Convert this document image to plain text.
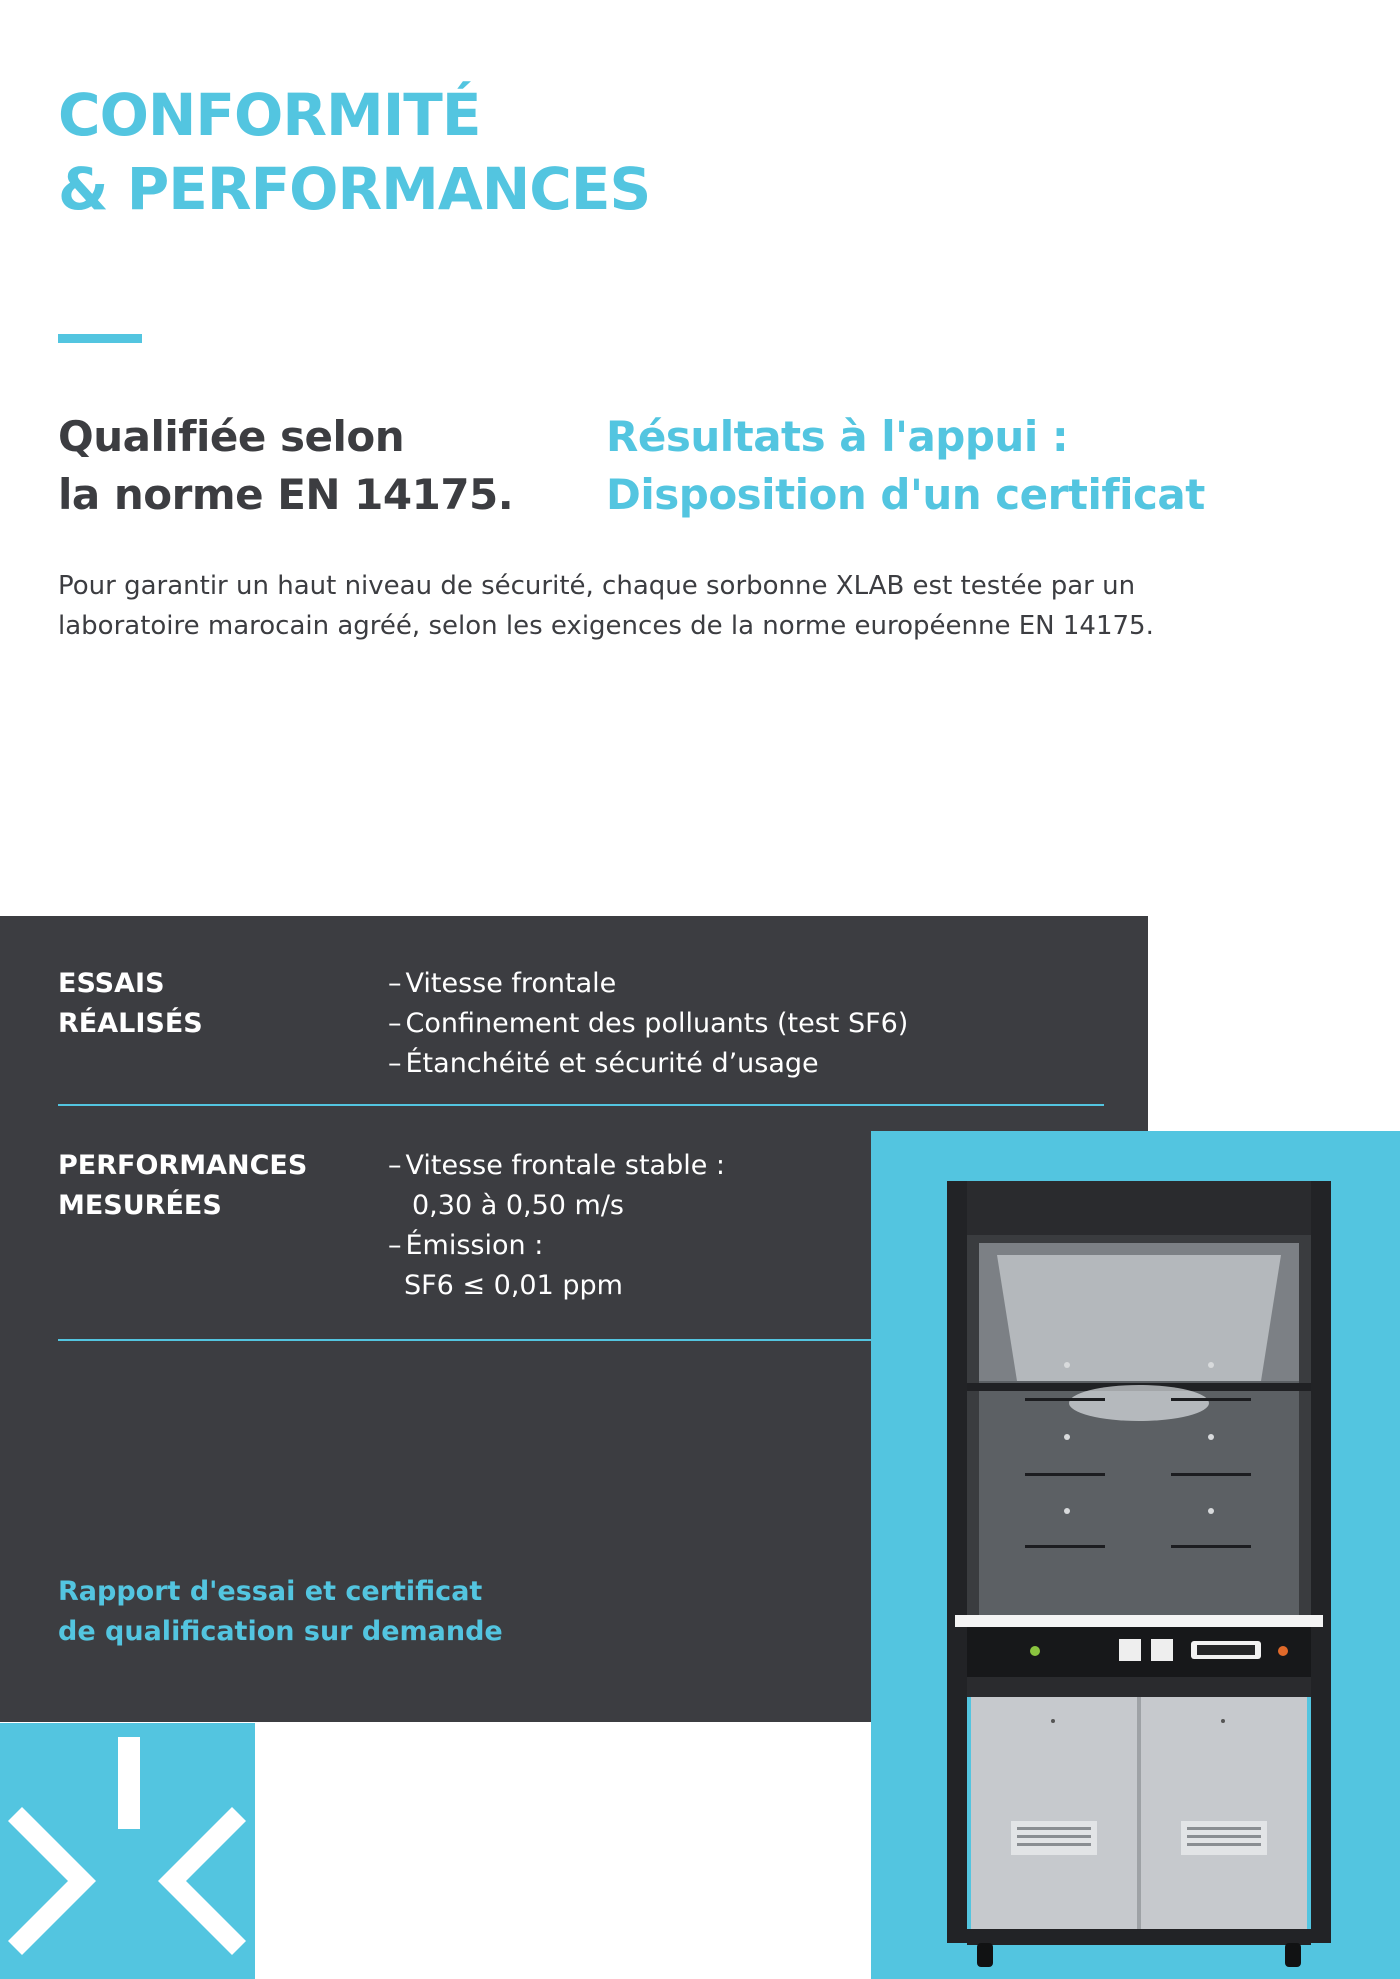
CONFORMITÉ
& PERFORMANCES
Qualifiée selon
la norme EN 14175.
Résultats à l'appui :
Disposition d'un certificat

Pour garantir un haut niveau de sécurité, chaque sorbonne XLAB est testée par un
laboratoire marocain agréé, selon les exigences de la norme européenne EN 14175.

ESSAIS
RÉALISÉS
– Vitesse frontale
– Confinement des polluants (test SF6)
– Étanchéité et sécurité d’usage
PERFORMANCES
MESURÉES
– Vitesse frontale stable :
0,30 à 0,50 m/s
– Émission :
SF6 ≤ 0,01 ppm

Rapport d'essai et certificat
de qualification sur demande
